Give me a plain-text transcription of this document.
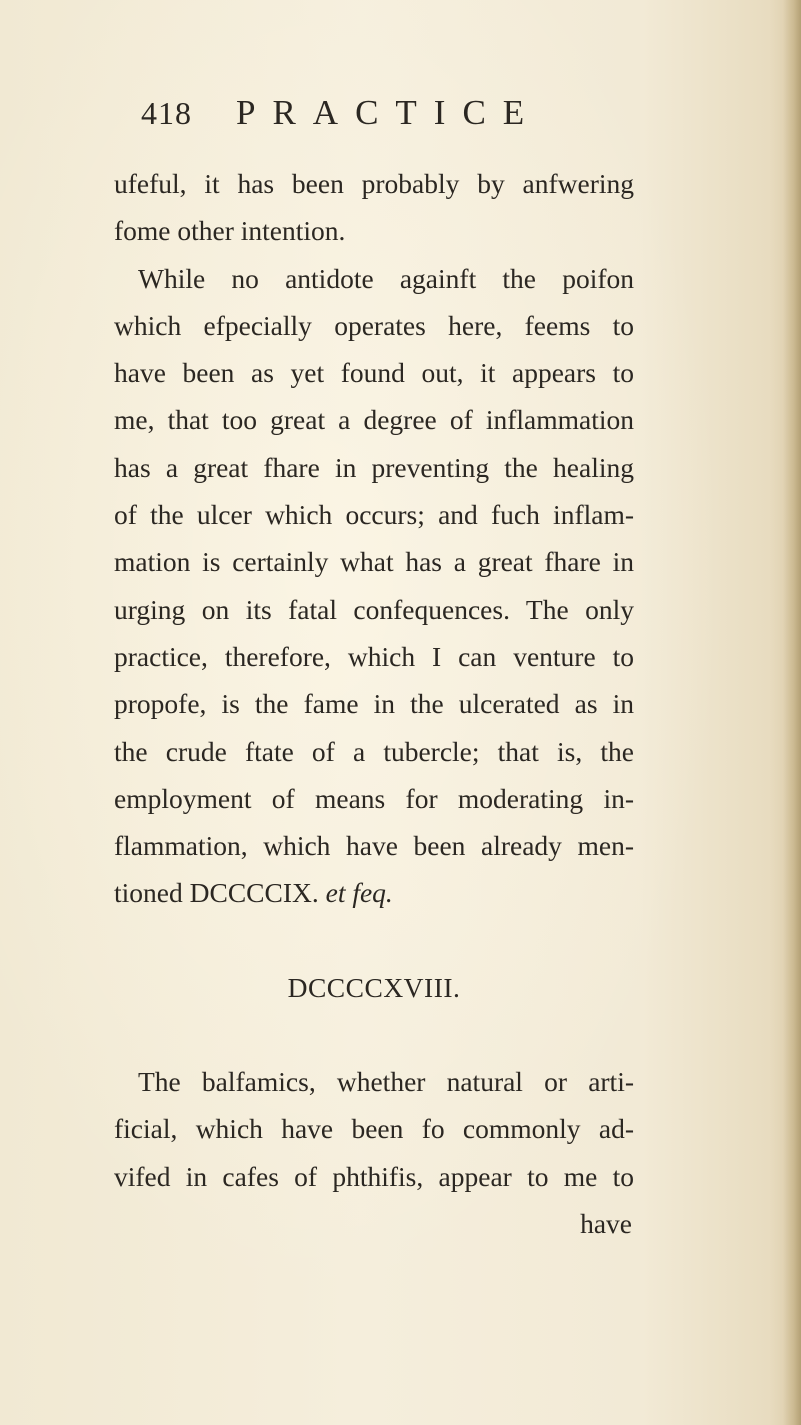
418 PRACTICE
ufeful, it has been probably by anfwering
fome other intention.
While no antidote againft the poifon
which efpecially operates here, feems to
have been as yet found out, it appears to
me, that too great a degree of inflammation
has a great fhare in preventing the healing
of the ulcer which occurs; and fuch inflam-
mation is certainly what has a great fhare in
urging on its fatal confequences. The only
practice, therefore, which I can venture to
propofe, is the fame in the ulcerated as in
the crude ftate of a tubercle; that is, the
employment of means for moderating in-
flammation, which have been already men-
tioned DCCCCIX. et feq.
DCCCCXVIII.
The balfamics, whether natural or arti-
ficial, which have been fo commonly ad-
vifed in cafes of phthifis, appear to me to
have
